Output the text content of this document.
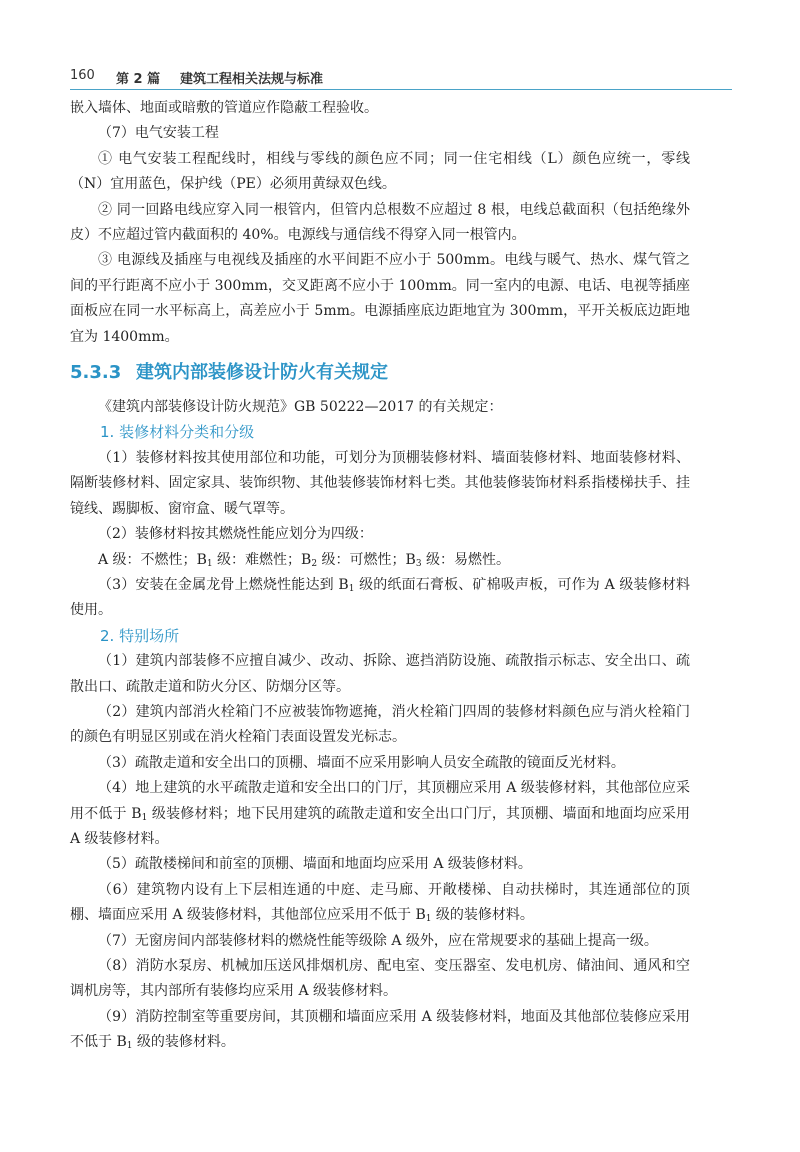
160 第 2 篇 建筑工程相关法规与标准

嵌入墙体、地面或暗敷的管道应作隐蔽工程验收。

（7）电气安装工程

① 电气安装工程配线时，相线与零线的颜色应不同；同一住宅相线（L）颜色应统一，零线（N）宜用蓝色，保护线（PE）必须用黄绿双色线。

② 同一回路电线应穿入同一根管内，但管内总根数不应超过 8 根，电线总截面积（包括绝缘外皮）不应超过管内截面积的 40%。电源线与通信线不得穿入同一根管内。

③ 电源线及插座与电视线及插座的水平间距不应小于 500mm。电线与暖气、热水、煤气管之间的平行距离不应小于 300mm，交叉距离不应小于 100mm。同一室内的电源、电话、电视等插座面板应在同一水平标高上，高差应小于 5mm。电源插座底边距地宜为 300mm，平开关板底边距地宜为 1400mm。

5.3.3 建筑内部装修设计防火有关规定

《建筑内部装修设计防火规范》GB 50222—2017 的有关规定：

1. 装修材料分类和分级

（1）装修材料按其使用部位和功能，可划分为顶棚装修材料、墙面装修材料、地面装修材料、隔断装修材料、固定家具、装饰织物、其他装修装饰材料七类。其他装修装饰材料系指楼梯扶手、挂镜线、踢脚板、窗帘盒、暖气罩等。

（2）装修材料按其燃烧性能应划分为四级：

A 级：不燃性；$B_1$ 级：难燃性；$B_2$ 级：可燃性；$B_3$ 级：易燃性。

（3）安装在金属龙骨上燃烧性能达到 $B_1$ 级的纸面石膏板、矿棉吸声板，可作为 A 级装修材料使用。

2. 特别场所

（1）建筑内部装修不应擅自减少、改动、拆除、遮挡消防设施、疏散指示标志、安全出口、疏散出口、疏散走道和防火分区、防烟分区等。

（2）建筑内部消火栓箱门不应被装饰物遮掩，消火栓箱门四周的装修材料颜色应与消火栓箱门的颜色有明显区别或在消火栓箱门表面设置发光标志。

（3）疏散走道和安全出口的顶棚、墙面不应采用影响人员安全疏散的镜面反光材料。

（4）地上建筑的水平疏散走道和安全出口的门厅，其顶棚应采用 A 级装修材料，其他部位应采用不低于 $B_1$ 级装修材料；地下民用建筑的疏散走道和安全出口门厅，其顶棚、墙面和地面均应采用 A 级装修材料。

（5）疏散楼梯间和前室的顶棚、墙面和地面均应采用 A 级装修材料。

（6）建筑物内设有上下层相连通的中庭、走马廊、开敞楼梯、自动扶梯时，其连通部位的顶棚、墙面应采用 A 级装修材料，其他部位应采用不低于 $B_1$ 级的装修材料。

（7）无窗房间内部装修材料的燃烧性能等级除 A 级外，应在常规要求的基础上提高一级。

（8）消防水泵房、机械加压送风排烟机房、配电室、变压器室、发电机房、储油间、通风和空调机房等，其内部所有装修均应采用 A 级装修材料。

（9）消防控制室等重要房间，其顶棚和墙面应采用 A 级装修材料，地面及其他部位装修应采用不低于 $B_1$ 级的装修材料。
